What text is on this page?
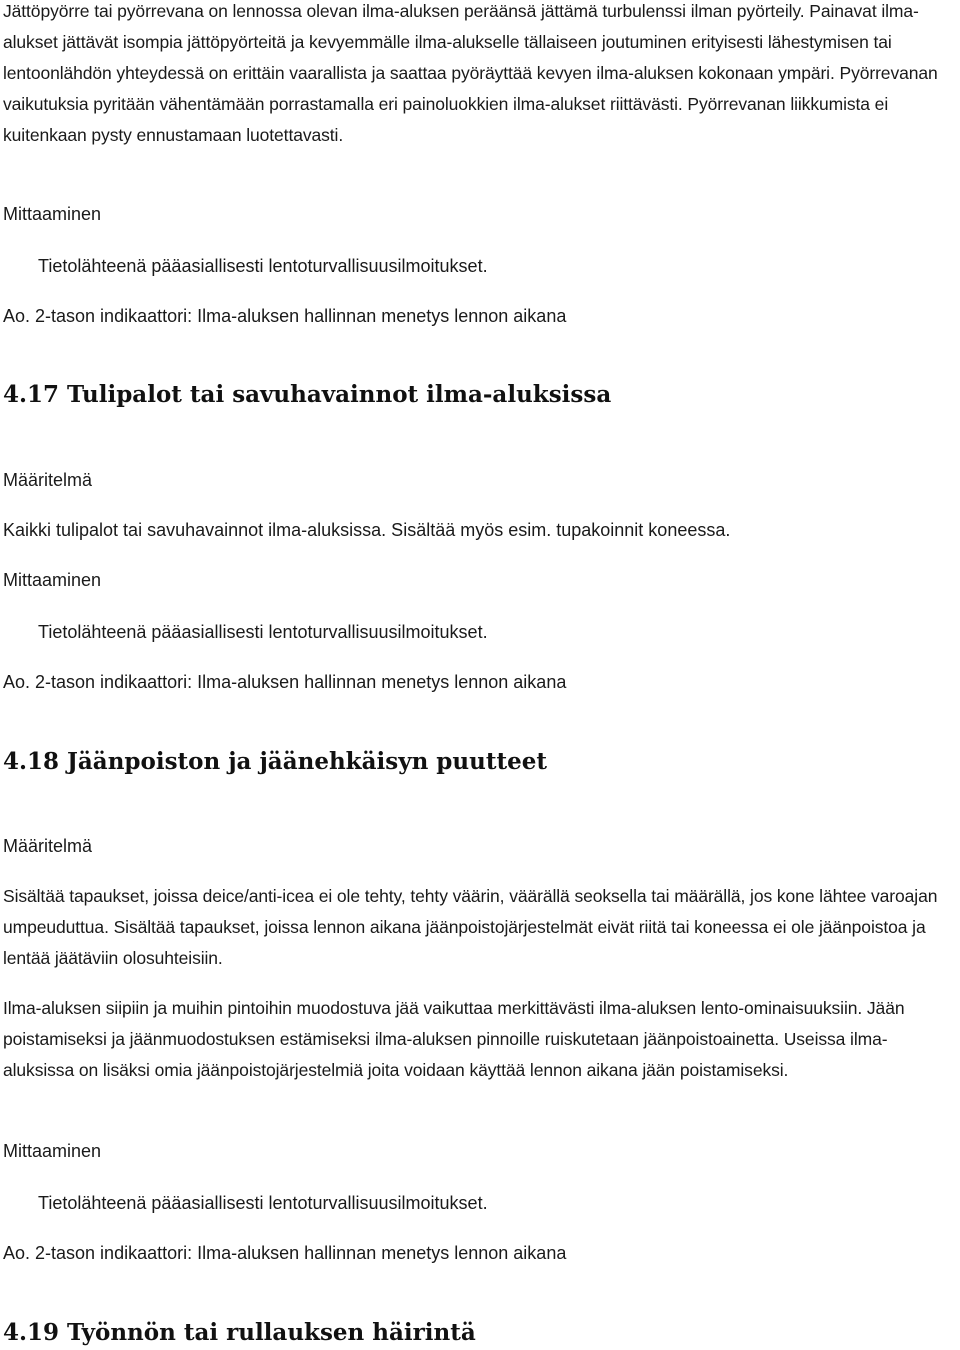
Jättöpyörre tai pyörrevana on lennossa olevan ilma-aluksen peräänsä jättämä turbulenssi ilman pyörteily. Painavat ilma-alukset jättävät isompia jättöpyörteitä ja kevyemmälle ilma-alukselle tällaiseen joutuminen erityisesti lähestymisen tai lentoonlähdön yhteydessä on erittäin vaarallista ja saattaa pyöräyttää kevyen ilma-aluksen kokonaan ympäri. Pyörrevanan vaikutuksia pyritään vähentämään porrastamalla eri painoluokkien ilma-alukset riittävästi. Pyörrevanan liikkumista ei kuitenkaan pysty ennustamaan luotettavasti.

Mittaaminen

Tietolähteenä pääasiallisesti lentoturvallisuusilmoitukset.

Ao. 2-tason indikaattori: Ilma-aluksen hallinnan menetys lennon aikana

4.17 Tulipalot tai savuhavainnot ilma-aluksissa

Määritelmä

Kaikki tulipalot tai savuhavainnot ilma-aluksissa. Sisältää myös esim. tupakoinnit koneessa.

Mittaaminen

Tietolähteenä pääasiallisesti lentoturvallisuusilmoitukset.

Ao. 2-tason indikaattori: Ilma-aluksen hallinnan menetys lennon aikana

4.18 Jäänpoiston ja jäänehkäisyn puutteet

Määritelmä

Sisältää tapaukset, joissa deice/anti-icea ei ole tehty, tehty väärin, väärällä seoksella tai määrällä, jos kone lähtee varoajan umpeuduttua. Sisältää tapaukset, joissa lennon aikana jäänpoistojärjestelmät eivät riitä tai koneessa ei ole jäänpoistoa ja lentää jäätäviin olosuhteisiin.

Ilma-aluksen siipiin ja muihin pintoihin muodostuva jää vaikuttaa merkittävästi ilma-aluksen lento-ominaisuuksiin. Jään poistamiseksi ja jäänmuodostuksen estämiseksi ilma-aluksen pinnoille ruiskutetaan jäänpoistoainetta. Useissa ilma-aluksissa on lisäksi omia jäänpoistojärjestelmiä joita voidaan käyttää lennon aikana jään poistamiseksi.

Mittaaminen

Tietolähteenä pääasiallisesti lentoturvallisuusilmoitukset.

Ao. 2-tason indikaattori: Ilma-aluksen hallinnan menetys lennon aikana

4.19 Työnnön tai rullauksen häirintä
